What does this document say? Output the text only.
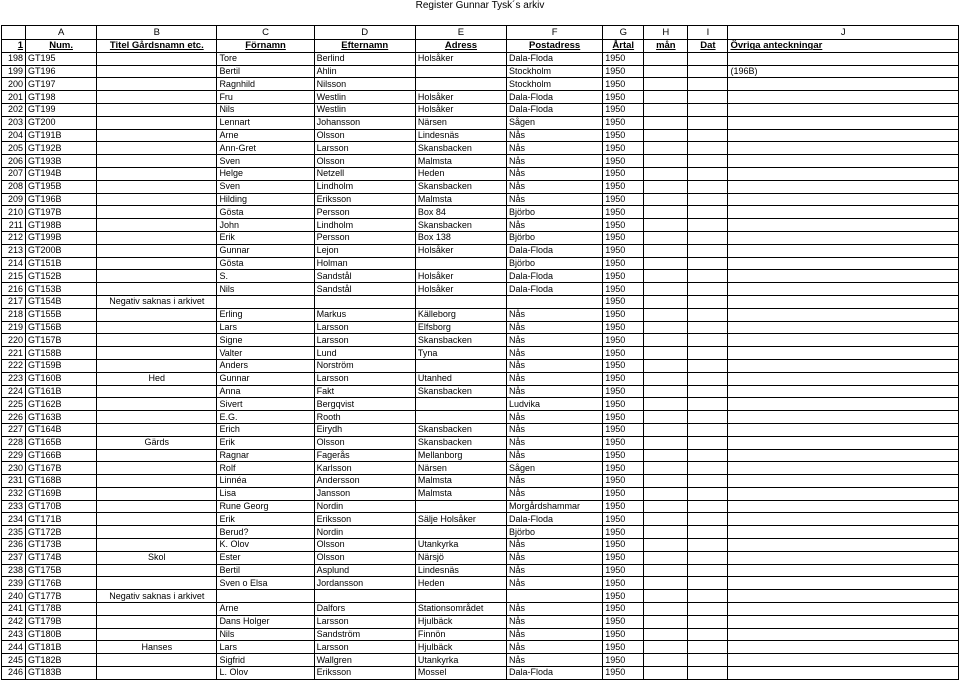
Register Gunnar Tysk´s arkiv
	A	B	C	D	E	F	G	H	I	J
1	Num.	Titel Gårdsnamn etc.	Förnamn	Efternamn	Adress	Postadress	Årtal	mån	Dat	Övriga anteckningar
198	GT195		Tore	Berlind	Holsåker	Dala-Floda	1950			
199	GT196		Bertil	Ahlin		Stockholm	1950			(196B)
200	GT197		Ragnhild	Nilsson		Stockholm	1950			
201	GT198		Fru	Westlin	Holsåker	Dala-Floda	1950			
202	GT199		Nils	Westlin	Holsåker	Dala-Floda	1950			
203	GT200		Lennart	Johansson	Närsen	Sågen	1950			
204	GT191B		Arne	Olsson	Lindesnäs	Nås	1950			
205	GT192B		Ann-Gret	Larsson	Skansbacken	Nås	1950			
206	GT193B		Sven	Olsson	Malmsta	Nås	1950			
207	GT194B		Helge	Netzell	Heden	Nås	1950			
208	GT195B		Sven	Lindholm	Skansbacken	Nås	1950			
209	GT196B		Hilding	Eriksson	Malmsta	Nås	1950			
210	GT197B		Gösta	Persson	Box 84	Björbo	1950			
211	GT198B		John	Lindholm	Skansbacken	Nås	1950			
212	GT199B		Erik	Persson	Box 138	Björbo	1950			
213	GT200B		Gunnar	Lejon	Holsåker	Dala-Floda	1950			
214	GT151B		Gösta	Holman		Björbo	1950			
215	GT152B		S.	Sandstål	Holsåker	Dala-Floda	1950			
216	GT153B		Nils	Sandstål	Holsåker	Dala-Floda	1950			
217	GT154B	Negativ saknas i arkivet					1950			
218	GT155B		Erling	Markus	Källeborg	Nås	1950			
219	GT156B		Lars	Larsson	Elfsborg	Nås	1950			
220	GT157B		Signe	Larsson	Skansbacken	Nås	1950			
221	GT158B		Valter	Lund	Tyna	Nås	1950			
222	GT159B		Anders	Norström		Nås	1950			
223	GT160B	Hed	Gunnar	Larsson	Utanhed	Nås	1950			
224	GT161B		Anna	Fakt	Skansbacken	Nås	1950			
225	GT162B		Sivert	Bergqvist		Ludvika	1950			
226	GT163B		E.G.	Rooth		Nås	1950			
227	GT164B		Erich	Eirydh	Skansbacken	Nås	1950			
228	GT165B	Gärds	Erik	Olsson	Skansbacken	Nås	1950			
229	GT166B		Ragnar	Fagerås	Mellanborg	Nås	1950			
230	GT167B		Rolf	Karlsson	Närsen	Sågen	1950			
231	GT168B		Linnéa	Andersson	Malmsta	Nås	1950			
232	GT169B		Lisa	Jansson	Malmsta	Nås	1950			
233	GT170B		Rune Georg	Nordin		Morgårdshammar	1950			
234	GT171B		Erik	Eriksson	Sälje Holsåker	Dala-Floda	1950			
235	GT172B		Berud?	Nordin		Björbo	1950			
236	GT173B		K. Olov	Olsson	Utankyrka	Nås	1950			
237	GT174B	Skol	Ester	Olsson	Närsjö	Nås	1950			
238	GT175B		Bertil	Asplund	Lindesnäs	Nås	1950			
239	GT176B		Sven o Elsa	Jordansson	Heden	Nås	1950			
240	GT177B	Negativ saknas i arkivet					1950			
241	GT178B		Arne	Dalfors	Stationsområdet	Nås	1950			
242	GT179B		Dans Holger	Larsson	Hjulbäck	Nås	1950			
243	GT180B		Nils	Sandström	Finnön	Nås	1950			
244	GT181B	Hanses	Lars	Larsson	Hjulbäck	Nås	1950			
245	GT182B		Sigfrid	Wallgren	Utankyrka	Nås	1950			
246	GT183B		L. Olov	Eriksson	Mossel	Dala-Floda	1950			
